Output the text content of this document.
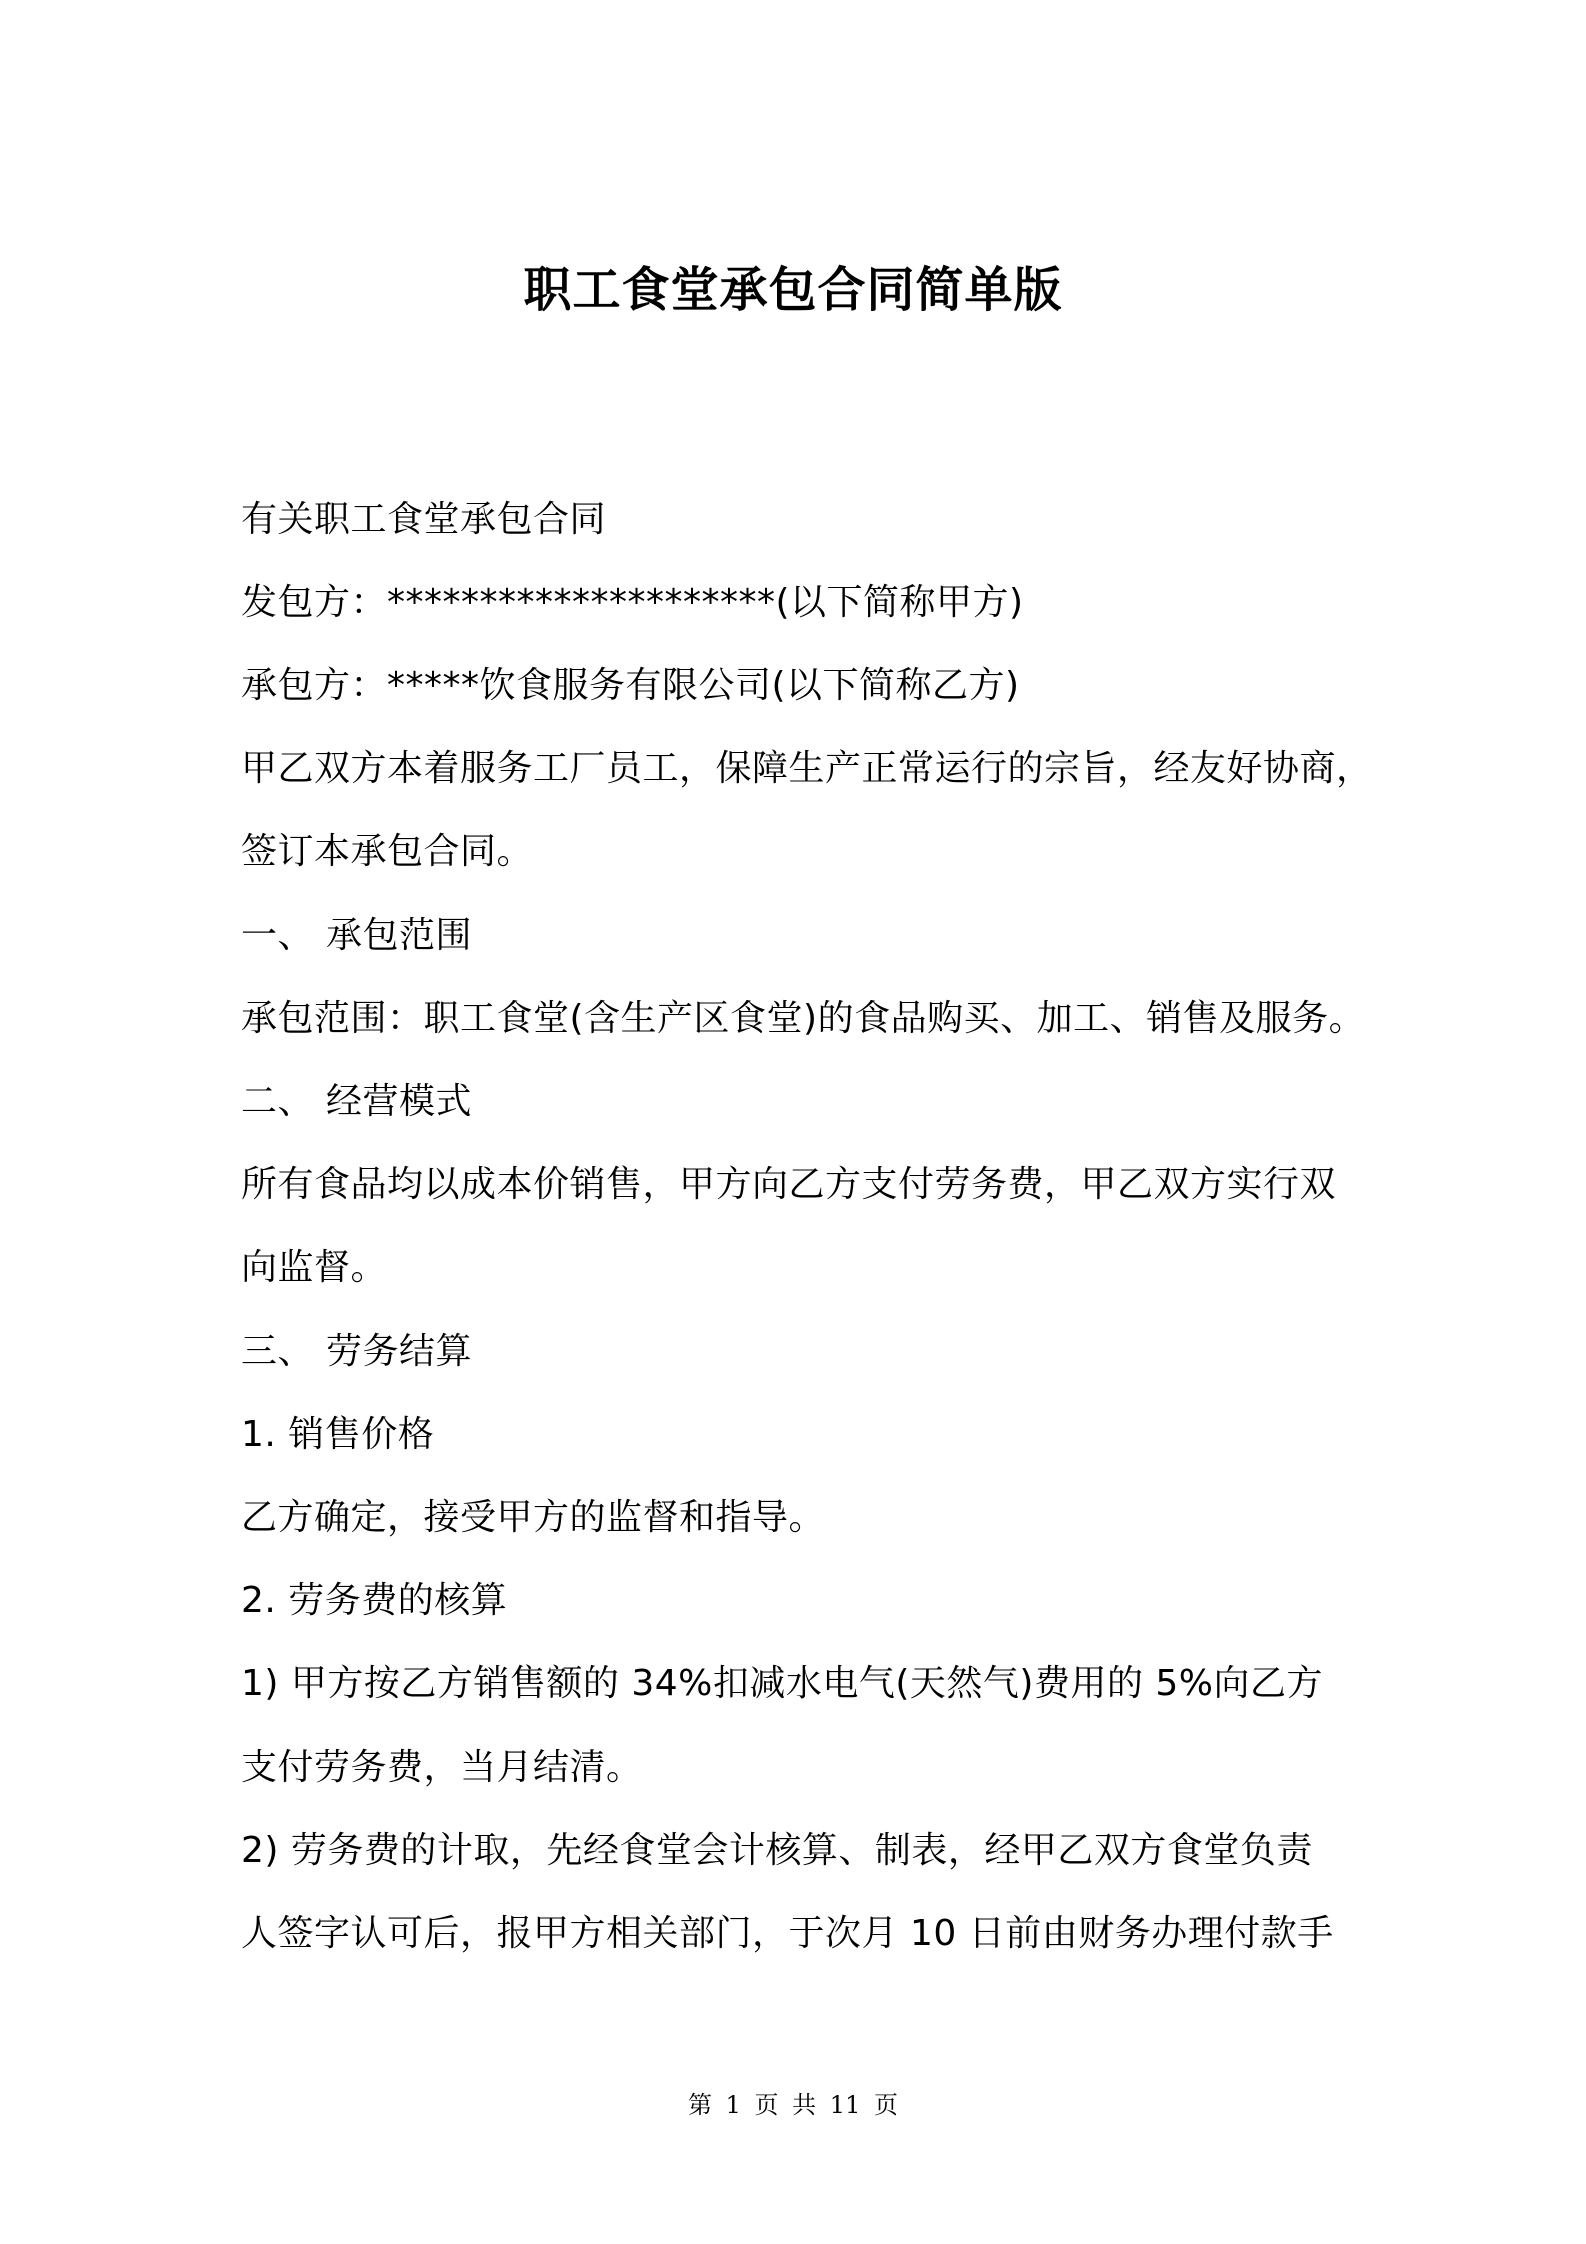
职工食堂承包合同简单版
有关职工食堂承包合同
发包方：*********************(以下简称甲方)
承包方：*****饮食服务有限公司(以下简称乙方)
甲乙双方本着服务工厂员工，保障生产正常运行的宗旨，经友好协商，
签订本承包合同。
一、 承包范围
承包范围：职工食堂(含生产区食堂)的食品购买、加工、销售及服务。
二、 经营模式
所有食品均以成本价销售，甲方向乙方支付劳务费，甲乙双方实行双
向监督。
三、 劳务结算
1. 销售价格
乙方确定，接受甲方的监督和指导。
2. 劳务费的核算
1) 甲方按乙方销售额的 34%扣减水电气(天然气)费用的 5%向乙方
支付劳务费，当月结清。
2) 劳务费的计取，先经食堂会计核算、制表，经甲乙双方食堂负责
人签字认可后，报甲方相关部门，于次月 10 日前由财务办理付款手
第 1 页 共 11 页
